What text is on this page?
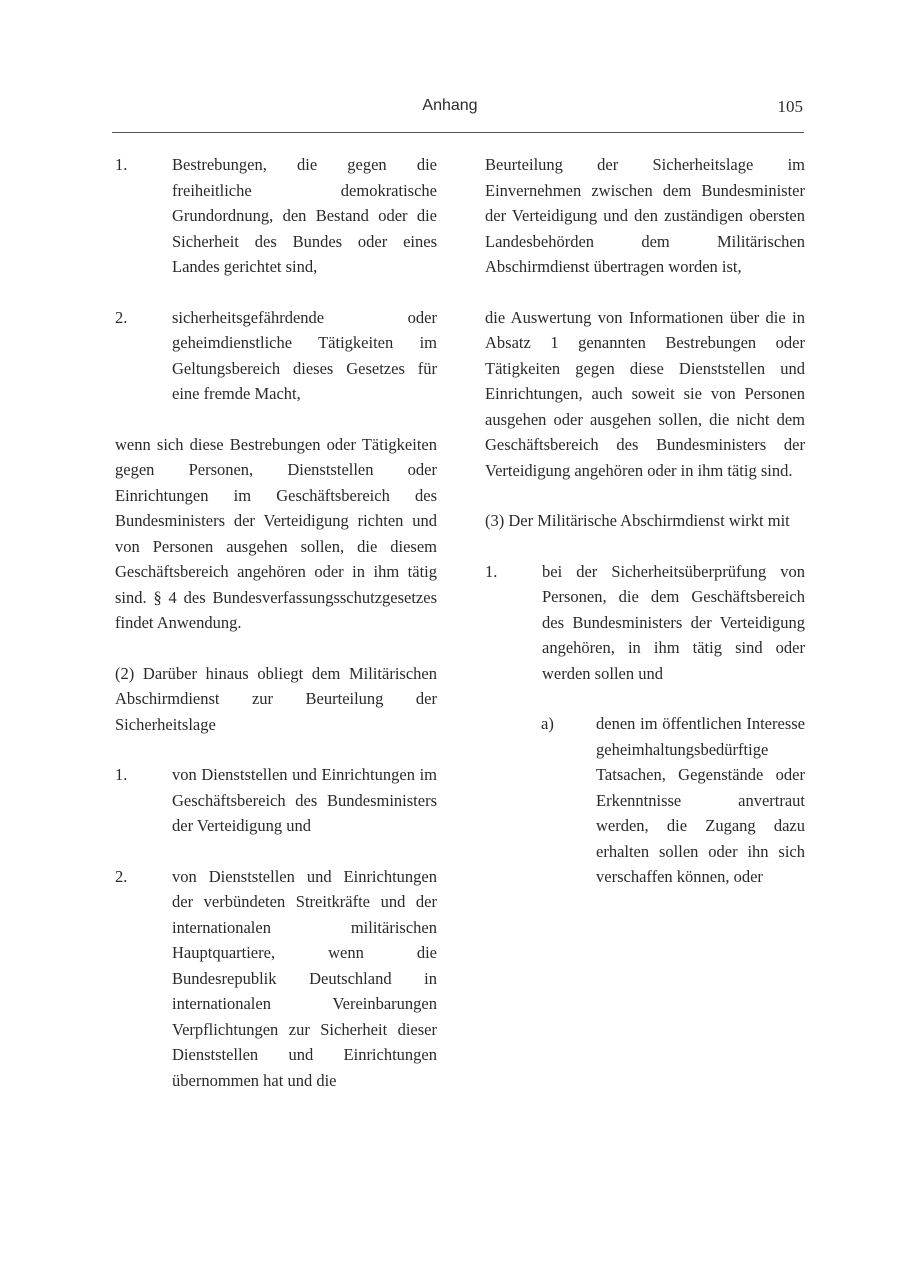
Anhang	105
1.	Bestrebungen, die gegen die freiheitliche demokratische Grundordnung, den Bestand oder die Sicherheit des Bundes oder eines Landes gerichtet sind,
2.	sicherheitsgefährdende oder geheimdienstliche Tätigkeiten im Geltungsbereich dieses Gesetzes für eine fremde Macht,

wenn sich diese Bestrebungen oder Tätigkeiten gegen Personen, Dienststellen oder Einrichtungen im Geschäftsbereich des Bundesministers der Verteidigung richten und von Personen ausgehen sollen, die diesem Geschäftsbereich angehören oder in ihm tätig sind. § 4 des Bundesverfassungsschutzgesetzes findet Anwendung.

(2) Darüber hinaus obliegt dem Militärischen Abschirmdienst zur Beurteilung der Sicherheitslage

1.	von Dienststellen und Einrichtungen im Geschäftsbereich des Bundesministers der Verteidigung und
2.	von Dienststellen und Einrichtungen der verbündeten Streitkräfte und der internationalen militärischen Hauptquartiere, wenn die Bundesrepublik Deutschland in internationalen Vereinbarungen Verpflichtungen zur Sicherheit dieser Dienststellen und Einrichtungen übernommen hat und die

Beurteilung der Sicherheitslage im Einvernehmen zwischen dem Bundesminister der Verteidigung und den zuständigen obersten Landesbehörden dem Militärischen Abschirmdienst übertragen worden ist,

die Auswertung von Informationen über die in Absatz 1 genannten Bestrebungen oder Tätigkeiten gegen diese Dienststellen und Einrichtungen, auch soweit sie von Personen ausgehen oder ausgehen sollen, die nicht dem Geschäftsbereich des Bundesministers der Verteidigung angehören oder in ihm tätig sind.

(3) Der Militärische Abschirmdienst wirkt mit

1.	bei der Sicherheitsüberprüfung von Personen, die dem Geschäftsbereich des Bundesministers der Verteidigung angehören, in ihm tätig sind oder werden sollen und
a)	denen im öffentlichen Interesse geheimhaltungsbedürftige Tatsachen, Gegenstände oder Erkenntnisse anvertraut werden, die Zugang dazu erhalten sollen oder ihn sich verschaffen können, oder
